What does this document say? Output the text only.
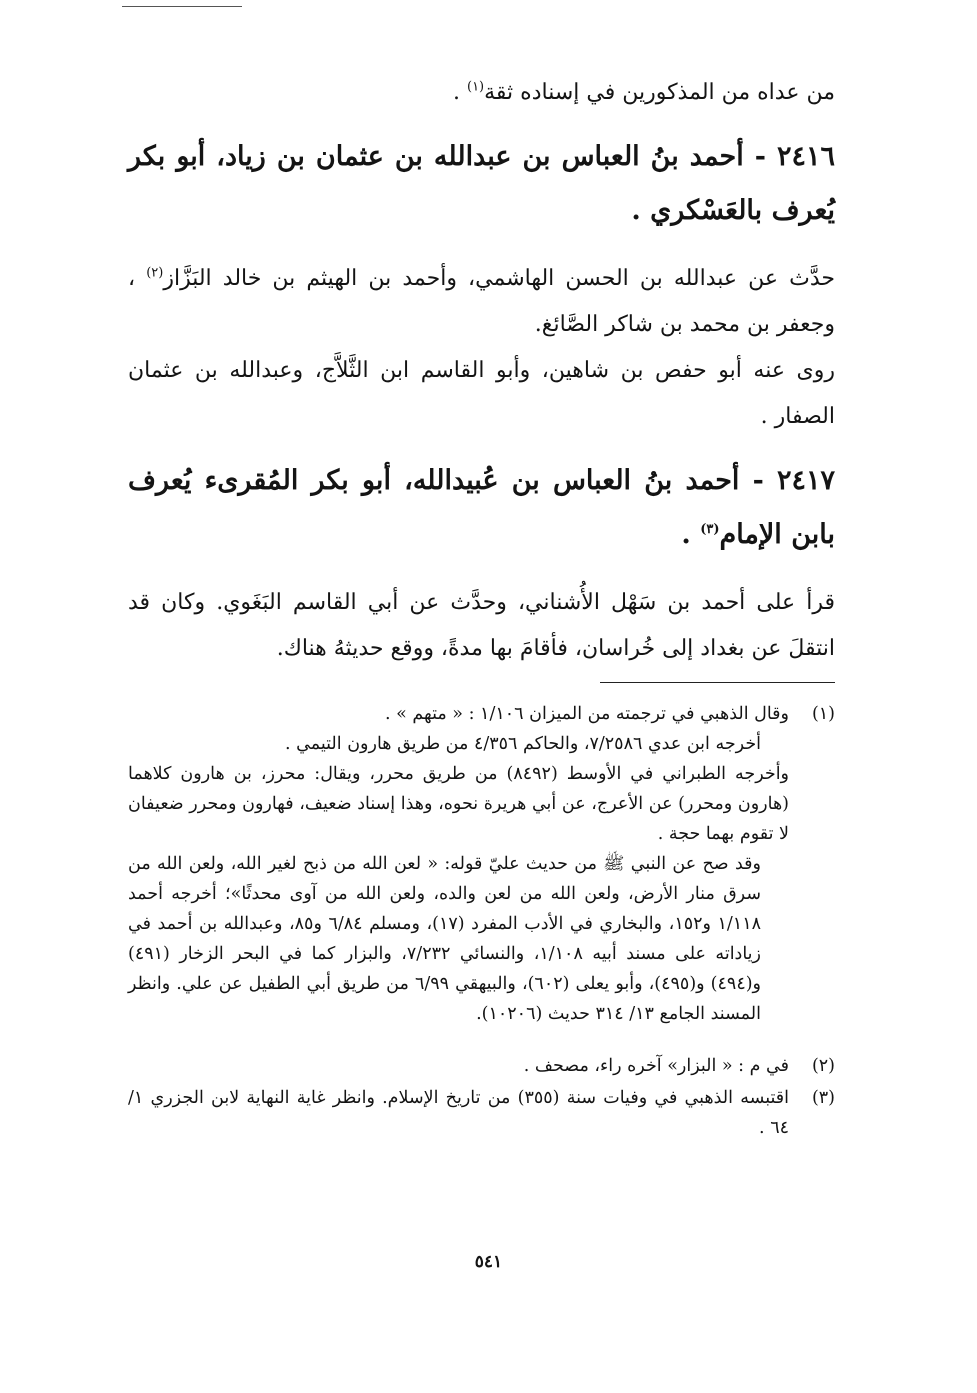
من عداه من المذكورين في إسناده ثقة$^{(١)}$ .

٢٤١٦ - أحمد بنُ العباس بن عبدالله بن عثمان بن زياد، أبو بكر يُعرف بالعَسْكري .

حدَّث عن عبدالله بن الحسن الهاشمي، وأحمد بن الهيثم بن خالد البَزَّاز$^{(٢)}$ ، وجعفر بن محمد بن شاكر الصَّائغ.

روى عنه أبو حفص بن شاهين، وأبو القاسم ابن الثَّلاَّج، وعبدالله بن عثمان الصفار .

٢٤١٧ - أحمد بنُ العباس بن عُبيدالله، أبو بكر المُقرىء يُعرف بابن الإمام$^{(٣)}$ .

قرأ على أحمد بن سَهْل الأُشناني، وحدَّث عن أبي القاسم البَغَوي. وكان قد انتقلَ عن بغداد إلى خُراسان، فأقامَ بها مدةً، ووقع حديثهُ هناك.

(١)

وقال الذهبي في ترجمته من الميزان ١/١٠٦ : « متهم » .

أخرجه ابن عدي ٧/٢٥٨٦، والحاكم ٤/٣٥٦ من طريق هارون التيمي .

وأخرجه الطبراني في الأوسط (٨٤٩٢) من طريق محرر، ويقال: محرز، بن هارون كلاهما (هارون ومحرر) عن الأعرج، عن أبي هريرة نحوه، وهذا إسناد ضعيف، فهارون ومحرر ضعيفان لا تقوم بهما حجة .

وقد صح عن النبي ﷺ من حديث عليّ قوله: « لعن الله من ذبح لغير الله، ولعن الله من سرق منار الأرض، ولعن الله من لعن والده، ولعن الله من آوى محدثًا»؛ أخرجه أحمد ١/١١٨ و١٥٢، والبخاري في الأدب المفرد (١٧)، ومسلم ٦/٨٤ و٨٥، وعبدالله بن أحمد في زياداته على مسند أبيه ١/١٠٨، والنسائي ٧/٢٣٢، والبزار كما في البحر الزخار (٤٩١) و(٤٩٤) و(٤٩٥)، وأبو يعلى (٦٠٢)، والبيهقي ٦/٩٩ من طريق أبي الطفيل عن علي. وانظر المسند الجامع ١٣/ ٣١٤ حديث (١٠٢٠٦).

(٢)

في م : « البزار» آخره راء، مصحف .

(٣)

اقتبسه الذهبي في وفيات سنة (٣٥٥) من تاريخ الإسلام. وانظر غاية النهاية لابن الجزري ١/ ٦٤ .

٥٤١
